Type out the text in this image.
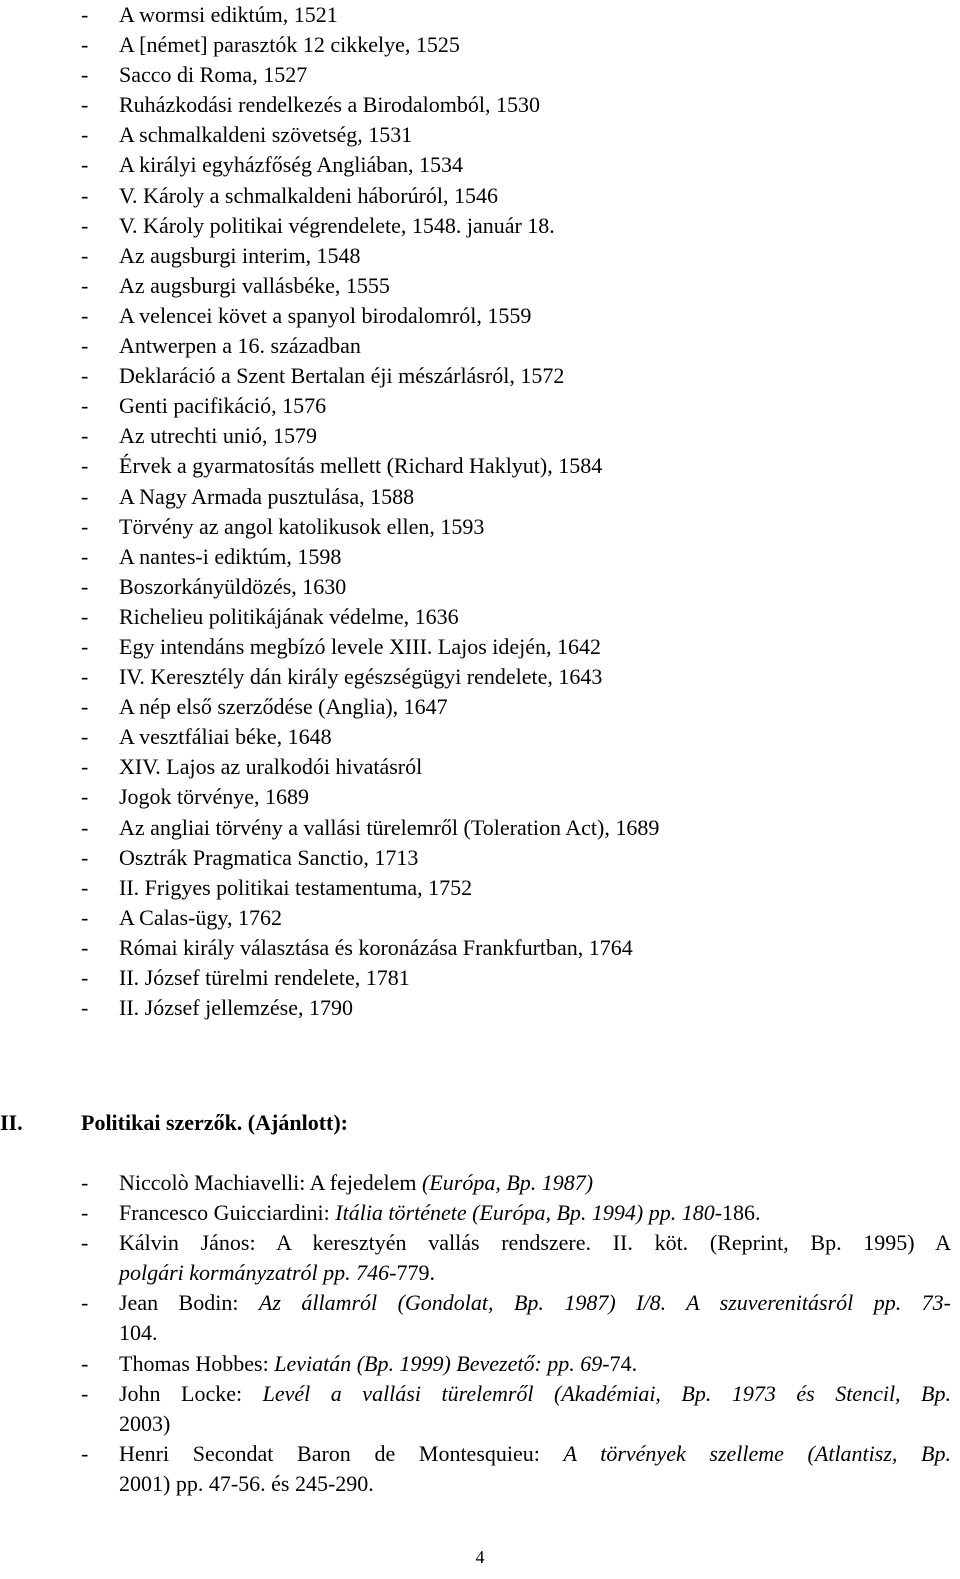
-	A wormsi ediktúm, 1521
-	A [német] parasztók 12 cikkelye, 1525
-	Sacco di Roma, 1527
-	Ruházkodási rendelkezés a Birodalomból, 1530
-	A schmalkaldeni szövetség, 1531
-	A királyi egyházfőség Angliában, 1534
-	V. Károly a schmalkaldeni háborúról, 1546
-	V. Károly politikai végrendelete, 1548. január 18.
-	Az augsburgi interim, 1548
-	Az augsburgi vallásbéke, 1555
-	A velencei követ a spanyol birodalomról, 1559
-	Antwerpen a 16. században
-	Deklaráció a Szent Bertalan éji mészárlásról, 1572
-	Genti pacifikáció, 1576
-	Az utrechti unió, 1579
-	Érvek a gyarmatosítás mellett (Richard Haklyut), 1584
-	A Nagy Armada pusztulása, 1588
-	Törvény az angol katolikusok ellen, 1593
-	A nantes-i ediktúm, 1598
-	Boszorkányüldözés, 1630
-	Richelieu politikájának védelme, 1636
-	Egy intendáns megbízó levele XIII. Lajos idején, 1642
-	IV. Keresztély dán király egészségügyi rendelete, 1643
-	A nép első szerződése (Anglia), 1647
-	A vesztfáliai béke, 1648
-	XIV. Lajos az uralkodói hivatásról
-	Jogok törvénye, 1689
-	Az angliai törvény a vallási türelemről (Toleration Act), 1689
-	Osztrák Pragmatica Sanctio, 1713
-	II. Frigyes politikai testamentuma, 1752
-	A Calas-ügy, 1762
-	Római király választása és koronázása Frankfurtban, 1764
-	II. József türelmi rendelete, 1781
-	II. József jellemzése, 1790
II.	Politikai szerzők. (Ajánlott):
-	Niccolò Machiavelli: A fejedelem (Európa, Bp. 1987)
-	Francesco Guicciardini: Itália története (Európa, Bp. 1994) pp. 180-186.
-	Kálvin János: A keresztyén vallás rendszere. II. köt. (Reprint, Bp. 1995) A
polgári kormányzatról pp. 746-779.
-	Jean Bodin: Az államról (Gondolat, Bp. 1987) I/8. A szuverenitásról pp. 73-
104.
-	Thomas Hobbes: Leviatán (Bp. 1999) Bevezető: pp. 69-74.
-	John Locke: Levél a vallási türelemről (Akadémiai, Bp. 1973 és Stencil, Bp.
2003)
-	Henri Secondat Baron de Montesquieu: A törvények szelleme (Atlantisz, Bp.
2001) pp. 47-56. és 245-290.
4
